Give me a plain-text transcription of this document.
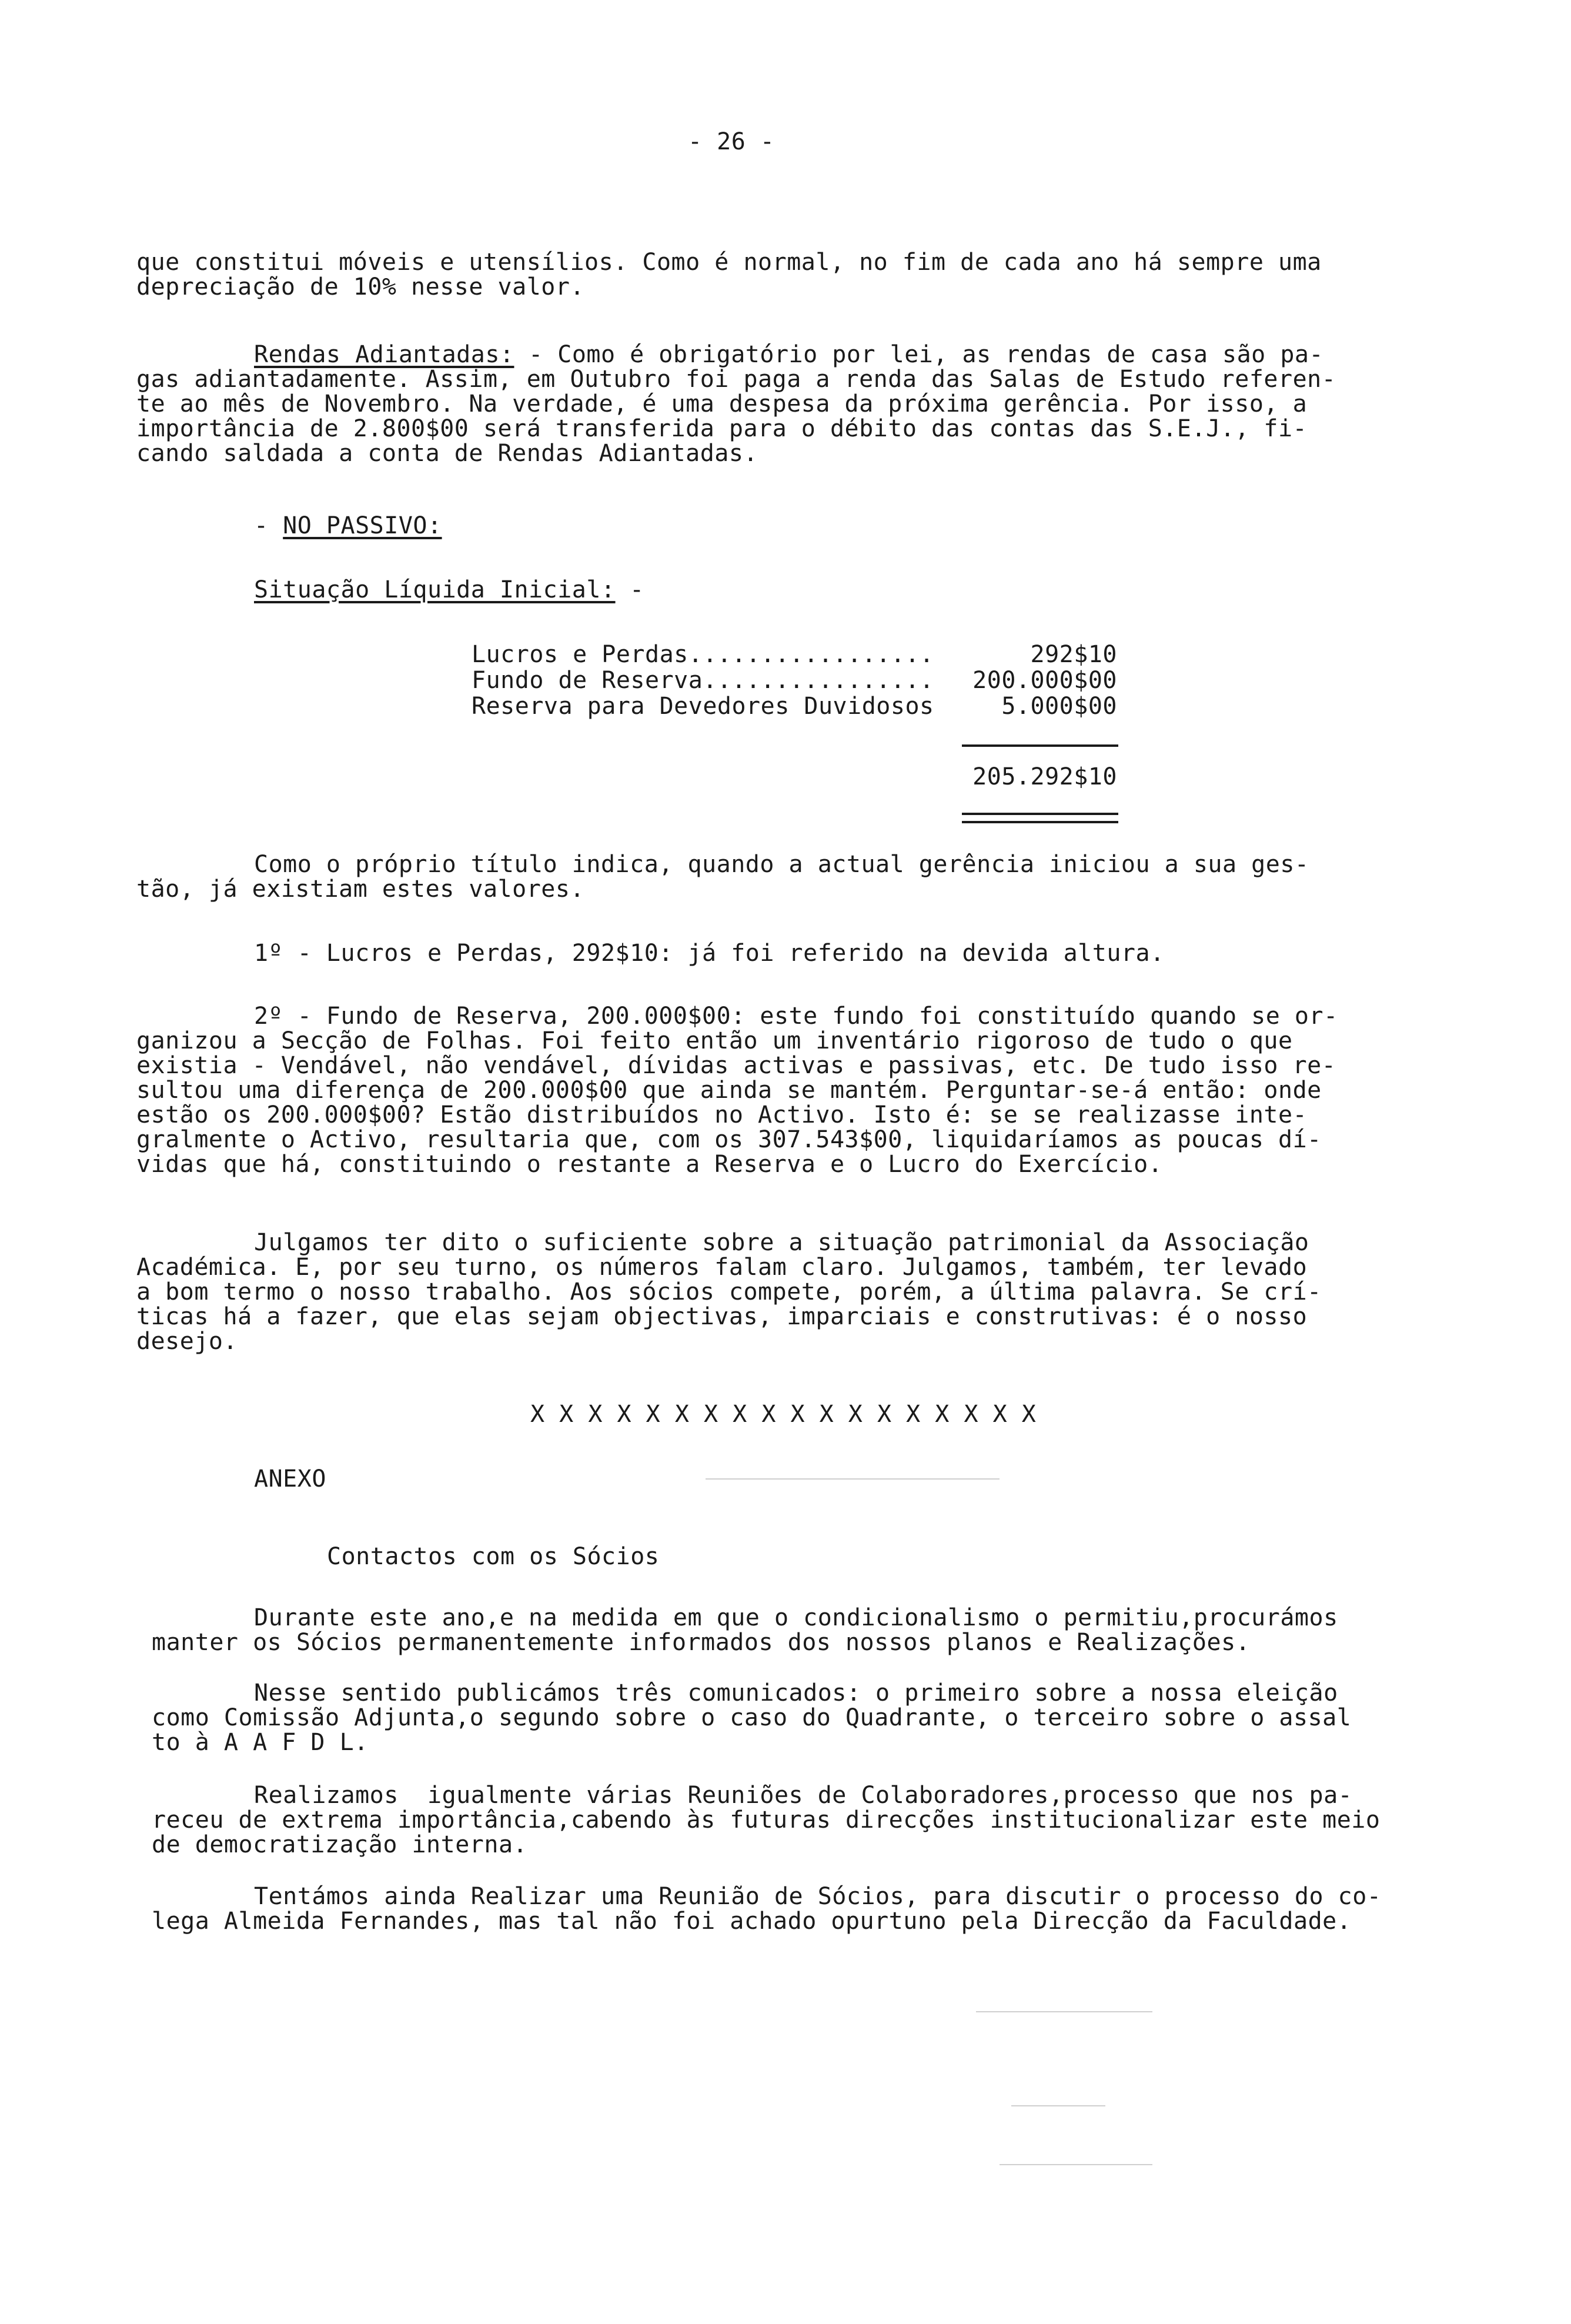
- 26 -
que constitui móveis e utensílios. Como é normal, no fim de cada ano há sempre uma
depreciação de 10% nesse valor.
Rendas Adiantadas: - Como é obrigatório por lei, as rendas de casa são pa-
gas adiantadamente. Assim, em Outubro foi paga a renda das Salas de Estudo referen-
te ao mês de Novembro. Na verdade, é uma despesa da próxima gerência. Por isso, a
importância de 2.800$00 será transferida para o débito das contas das S.E.J., fi-
cando saldada a conta de Rendas Adiantadas.
- NO PASSIVO:
Situação Líquida Inicial: -
Lucros e Perdas.................	292$10
Fundo de Reserva................	200.000$00
Reserva para Devedores Duvidosos	5.000$00
205.292$10
Como o próprio título indica, quando a actual gerência iniciou a sua ges-
tão, já existiam estes valores.
1º - Lucros e Perdas, 292$10: já foi referido na devida altura.
2º - Fundo de Reserva, 200.000$00: este fundo foi constituído quando se or-
ganizou a Secção de Folhas. Foi feito então um inventário rigoroso de tudo o que
existia - Vendável, não vendável, dívidas activas e passivas, etc. De tudo isso re-
sultou uma diferença de 200.000$00 que ainda se mantém. Perguntar-se-á então: onde
estão os 200.000$00? Estão distribuídos no Activo. Isto é: se se realizasse inte-
gralmente o Activo, resultaria que, com os 307.543$00, liquidaríamos as poucas dí-
vidas que há, constituindo o restante a Reserva e o Lucro do Exercício.
Julgamos ter dito o suficiente sobre a situação patrimonial da Associação
Académica. E, por seu turno, os números falam claro. Julgamos, também, ter levado
a bom termo o nosso trabalho. Aos sócios compete, porém, a última palavra. Se crí-
ticas há a fazer, que elas sejam objectivas, imparciais e construtivas: é o nosso
desejo.
X X X X X X X X X X X X X X X X X X
ANEXO
Contactos com os Sócios
Durante este ano,e na medida em que o condicionalismo o permitiu,procurámos
manter os Sócios permanentemente informados dos nossos planos e Realizações.
Nesse sentido publicámos três comunicados: o primeiro sobre a nossa eleição
como Comissão Adjunta,o segundo sobre o caso do Quadrante, o terceiro sobre o assal
to à A A F D L.
Realizamos  igualmente várias Reuniões de Colaboradores,processo que nos pa-
receu de extrema importância,cabendo às futuras direcções institucionalizar este meio
de democratização interna.
Tentámos ainda Realizar uma Reunião de Sócios, para discutir o processo do co-
lega Almeida Fernandes, mas tal não foi achado opurtuno pela Direcção da Faculdade.
